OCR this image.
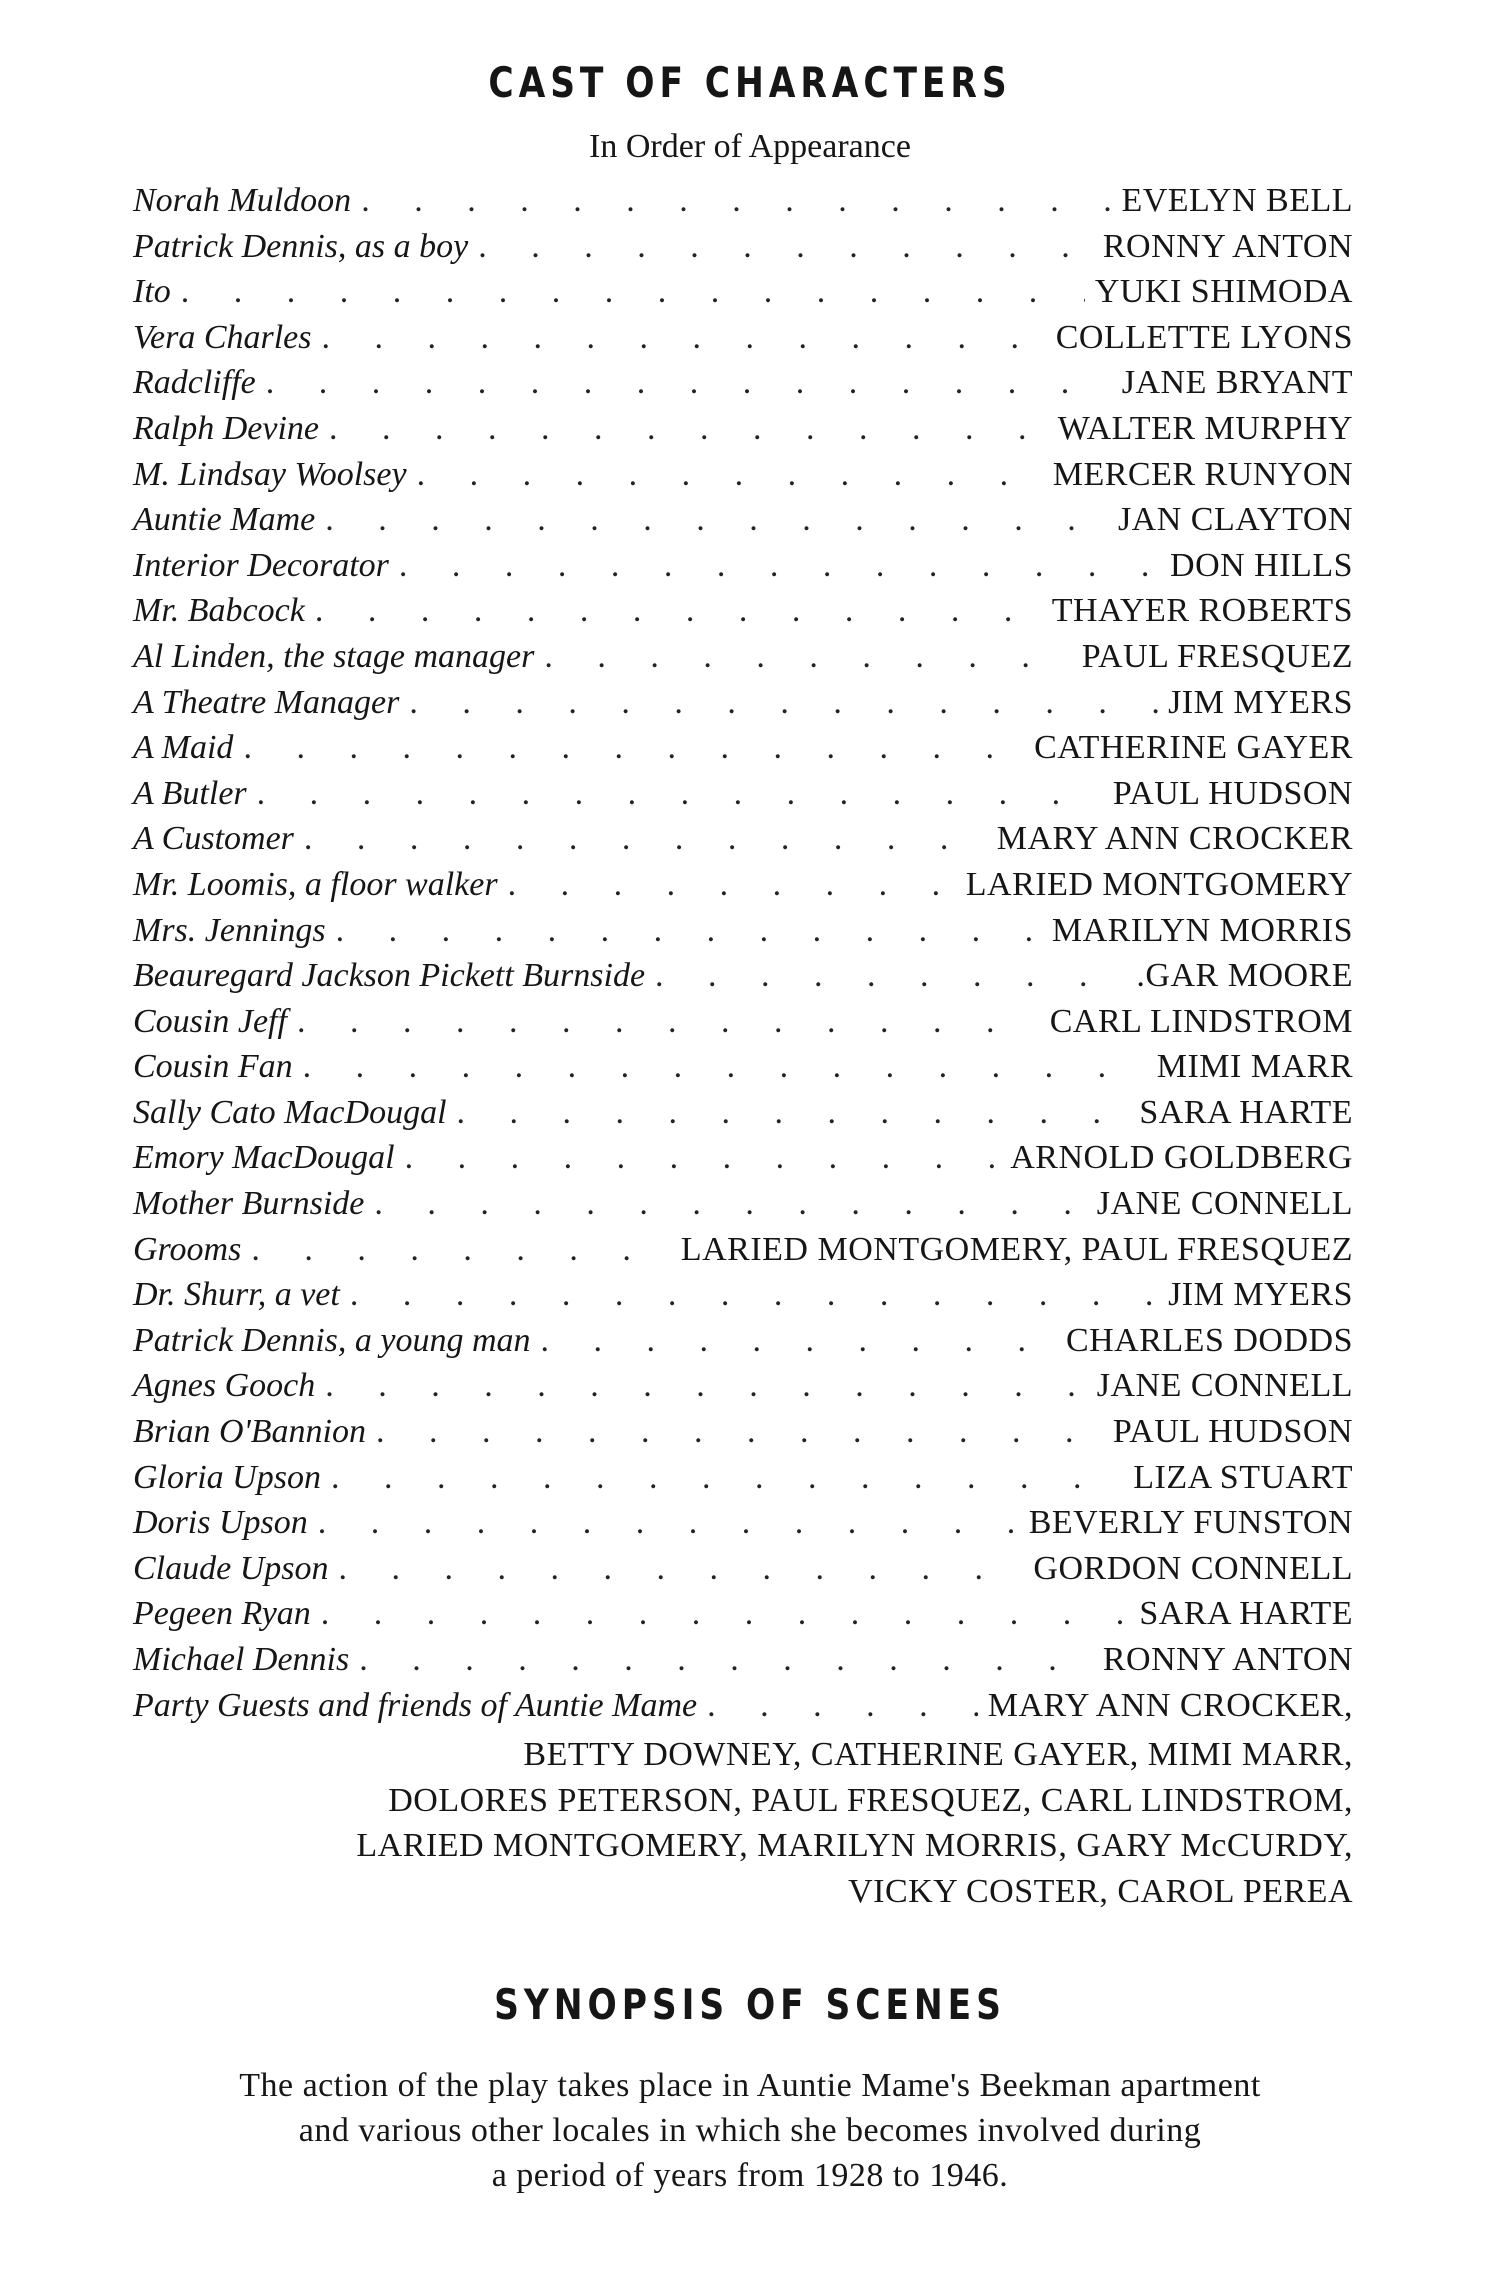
CAST OF CHARACTERS
In Order of Appearance
Norah Muldoon . . .	EVELYN BELL
Patrick Dennis, as a boy . . .	RONNY ANTON
Ito . . .	YUKI SHIMODA
Vera Charles . . .	COLLETTE LYONS
Radcliffe . . .	JANE BRYANT
Ralph Devine . . .	WALTER MURPHY
M. Lindsay Woolsey . . .	MERCER RUNYON
Auntie Mame . . .	JAN CLAYTON
Interior Decorator . . .	DON HILLS
Mr. Babcock . . .	THAYER ROBERTS
Al Linden, the stage manager . . .	PAUL FRESQUEZ
A Theatre Manager . . .	JIM MYERS
A Maid . . .	CATHERINE GAYER
A Butler . . .	PAUL HUDSON
A Customer . . .	MARY ANN CROCKER
Mr. Loomis, a floor walker . . .	LARIED MONTGOMERY
Mrs. Jennings . . .	MARILYN MORRIS
Beauregard Jackson Pickett Burnside . . .	.GAR MOORE
Cousin Jeff . . .	CARL LINDSTROM
Cousin Fan . . .	MIMI MARR
Sally Cato MacDougal . . .	SARA HARTE
Emory MacDougal . . .	ARNOLD GOLDBERG
Mother Burnside . . .	JANE CONNELL
Grooms . . .	LARIED MONTGOMERY, PAUL FRESQUEZ
Dr. Shurr, a vet . . .	JIM MYERS
Patrick Dennis, a young man . . .	CHARLES DODDS
Agnes Gooch . . .	JANE CONNELL
Brian O'Bannion . . .	PAUL HUDSON
Gloria Upson . . .	LIZA STUART
Doris Upson . . .	BEVERLY FUNSTON
Claude Upson . . .	GORDON CONNELL
Pegeen Ryan . . .	SARA HARTE
Michael Dennis . . .	RONNY ANTON
Party Guests and friends of Auntie Mame . . .	MARY ANN CROCKER,
BETTY DOWNEY, CATHERINE GAYER, MIMI MARR,
DOLORES PETERSON, PAUL FRESQUEZ, CARL LINDSTROM,
LARIED MONTGOMERY, MARILYN MORRIS, GARY McCURDY,
VICKY COSTER, CAROL PEREA
SYNOPSIS OF SCENES
The action of the play takes place in Auntie Mame's Beekman apartment
and various other locales in which she becomes involved during
a period of years from 1928 to 1946.
